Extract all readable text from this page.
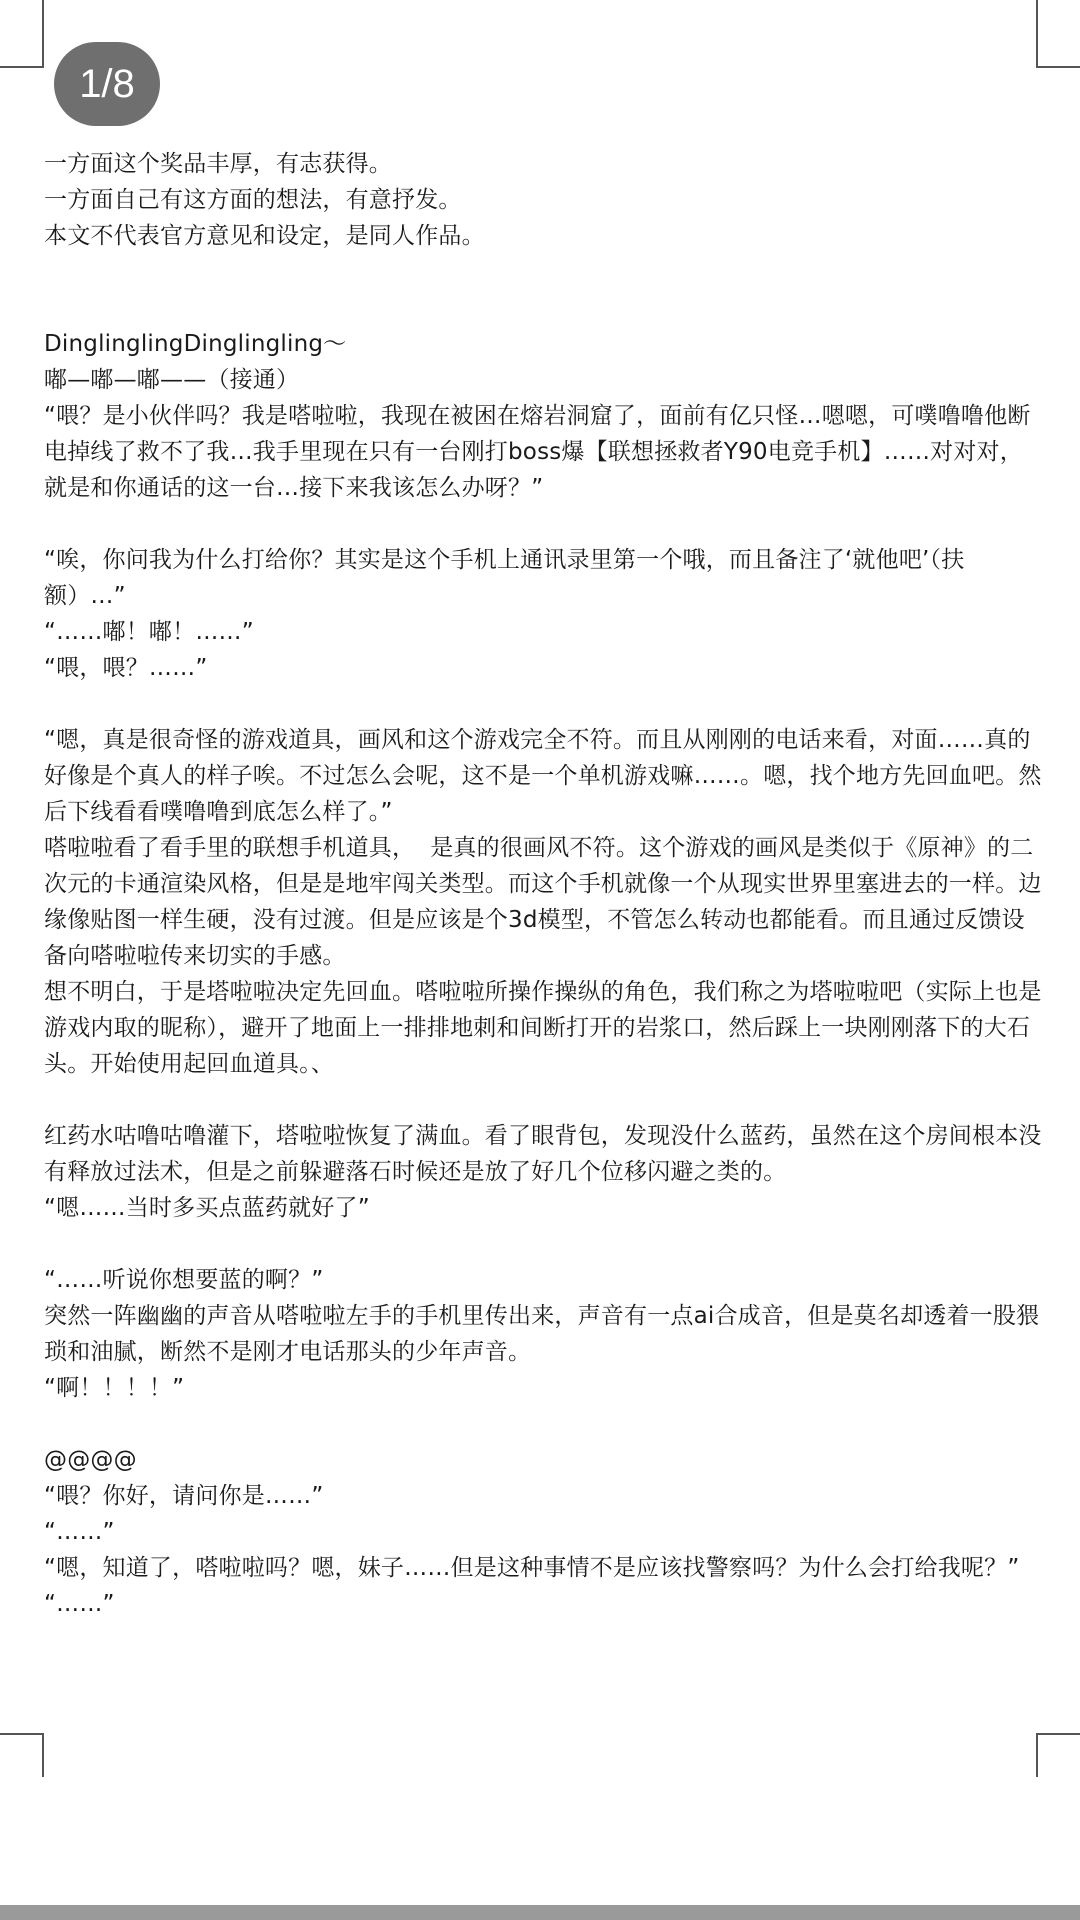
1/8

一方面这个奖品丰厚，有志获得。

一方面自己有这方面的想法，有意抒发。

本文不代表官方意见和设定，是同人作品。

DinglinglingDinglingling～

嘟—嘟—嘟——（接通）

“喂？是小伙伴吗？我是嗒啦啦，我现在被困在熔岩洞窟了，面前有亿只怪…嗯嗯，可噗噜噜他断电掉线了救不了我…我手里现在只有一台刚打boss爆【联想拯救者Y90电竞手机】……对对对，就是和你通话的这一台…接下来我该怎么办呀？”

“唉，你问我为什么打给你？其实是这个手机上通讯录里第一个哦，而且备注了‘就他吧’（扶额）…”

“……嘟！嘟！……”

“喂，喂？……”

“嗯，真是很奇怪的游戏道具，画风和这个游戏完全不符。而且从刚刚的电话来看，对面……真的好像是个真人的样子唉。不过怎么会呢，这不是一个单机游戏嘛……。嗯，找个地方先回血吧。然后下线看看噗噜噜到底怎么样了。”

嗒啦啦看了看手里的联想手机道具，  是真的很画风不符。这个游戏的画风是类似于《原神》的二次元的卡通渲染风格，但是是地牢闯关类型。而这个手机就像一个从现实世界里塞进去的一样。边缘像贴图一样生硬，没有过渡。但是应该是个3d模型，不管怎么转动也都能看。而且通过反馈设备向嗒啦啦传来切实的手感。

想不明白，于是塔啦啦决定先回血。嗒啦啦所操作操纵的角色，我们称之为塔啦啦吧（实际上也是游戏内取的昵称），避开了地面上一排排地刺和间断打开的岩浆口，然后踩上一块刚刚落下的大石头。开始使用起回血道具。、

红药水咕噜咕噜灌下，塔啦啦恢复了满血。看了眼背包，发现没什么蓝药，虽然在这个房间根本没有释放过法术，但是之前躲避落石时候还是放了好几个位移闪避之类的。

“嗯……当时多买点蓝药就好了”

“……听说你想要蓝的啊？”

突然一阵幽幽的声音从嗒啦啦左手的手机里传出来，声音有一点ai合成音，但是莫名却透着一股猥琐和油腻，断然不是刚才电话那头的少年声音。

“啊！！！！”

@@@@

“喂？你好，请问你是……”

“……”

“嗯，知道了，嗒啦啦吗？嗯，妹子……但是这种事情不是应该找警察吗？为什么会打给我呢？”

“……”
